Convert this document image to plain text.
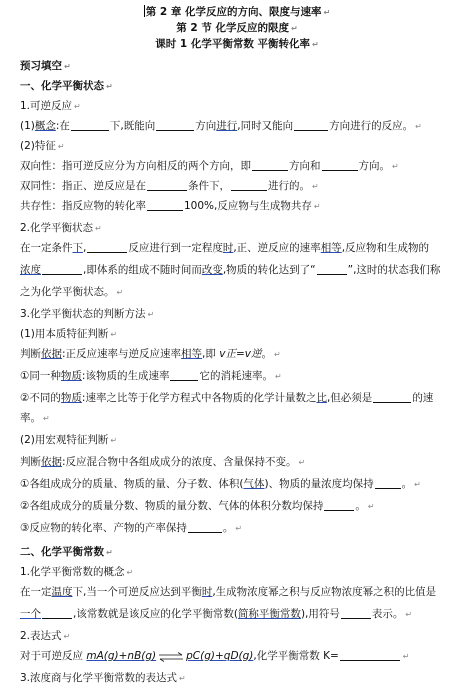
第 2 章 化学反应的方向、限度与速率 ↵
第 2 节 化学反应的限度 ↵
课时 1 化学平衡常数 平衡转化率 ↵
预习填空 ↵
一、化学平衡状态 ↵
1.可逆反应 ↵
(1)概念:在	下,既能向	方向进行,同时又能向	方向进行的反应。 ↵
(2)特征 ↵
双向性：指可逆反应分为方向相反的两个方向，即	方向和	方向。 ↵
双同性：指正、逆反应是在	条件下，	进行的。 ↵
共存性：指反应物的转化率	100%,反应物与生成物共存 ↵
2.化学平衡状态 ↵
在一定条件下,	反应进行到一定程度时,正、逆反应的速率相等,反应物和生成物的
浓度	,即体系的组成不随时间而改变,物质的转化达到了“	”,这时的状态我们称
之为化学平衡状态。 ↵
3.化学平衡状态的判断方法 ↵
(1)用本质特征判断 ↵
判断依据:正反应速率与逆反应速率相等,即 v正=v逆。 ↵
①同一种物质:该物质的生成速率	它的消耗速率。 ↵
②不同的物质:速率之比等于化学方程式中各物质的化学计量数之比,但必须是	的速
率。 ↵
(2)用宏观特征判断 ↵
判断依据:反应混合物中各组成成分的浓度、含量保持不变。 ↵
①各组成成分的质量、物质的量、分子数、体积(气体)、物质的量浓度均保持	。 ↵
②各组成成分的质量分数、物质的量分数、气体的体积分数均保持	。 ↵
③反应物的转化率、产物的产率保持	。 ↵
二、化学平衡常数 ↵
1.化学平衡常数的概念 ↵
在一定温度下,当一个可逆反应达到平衡时,生成物浓度幂之积与反应物浓度幂之积的比值是
一个	,该常数就是该反应的化学平衡常数(简称平衡常数),用符号	表示。 ↵
2.表达式 ↵
对于可逆反应 mA(g)+nB(g) ⇌ pC(g)+qD(g),化学平衡常数 K=	↵
3.浓度商与化学平衡常数的表达式 ↵
